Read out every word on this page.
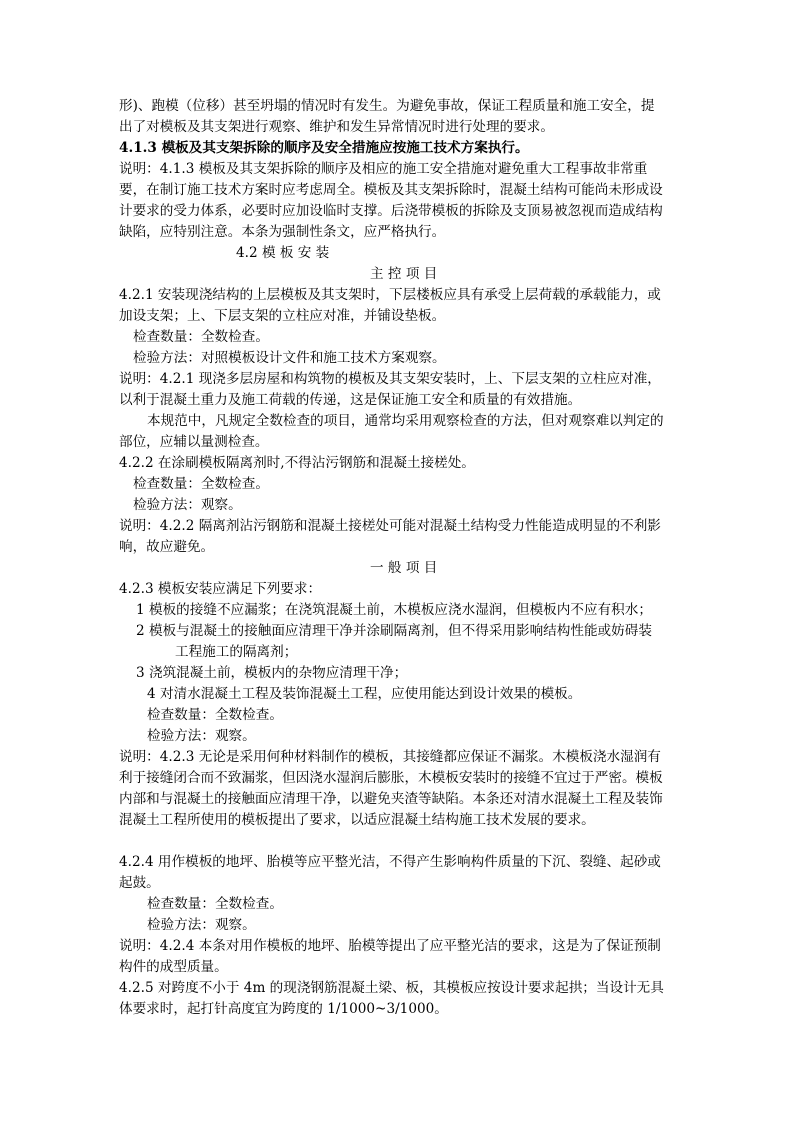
形)、跑模（位移）甚至坍塌的情况时有发生。为避免事故，保证工程质量和施工安全，提
出了对模板及其支架进行观察、维护和发生异常情况时进行处理的要求。
4.1.3 模板及其支架拆除的顺序及安全措施应按施工技术方案执行。
说明：4.1.3 模板及其支架拆除的顺序及相应的施工安全措施对避免重大工程事故非常重
要，在制订施工技术方案时应考虑周全。模板及其支架拆除时，混凝土结构可能尚未形成设
计要求的受力体系，必要时应加设临时支撑。后浇带模板的拆除及支顶易被忽视而造成结构
缺陷，应特别注意。本条为强制性条文，应严格执行。
4.2 模 板 安 装
主 控 项 目
4.2.1 安装现浇结构的上层模板及其支架时，下层楼板应具有承受上层荷载的承载能力，或
加设支架；上、下层支架的立柱应对准，并铺设垫板。
检查数量：全数检查。
检验方法：对照模板设计文件和施工技术方案观察。
说明：4.2.1 现浇多层房屋和构筑物的模板及其支架安装时，上、下层支架的立柱应对准，
以利于混凝土重力及施工荷载的传递，这是保证施工安全和质量的有效措施。
本规范中，凡规定全数检查的项目，通常均采用观察检查的方法，但对观察难以判定的
部位，应辅以量测检查。
4.2.2 在涂刷模板隔离剂时,不得沾污钢筋和混凝土接槎处。
检查数量：全数检查。
检验方法：观察。
说明：4.2.2 隔离剂沾污钢筋和混凝土接槎处可能对混凝土结构受力性能造成明显的不利影
响，故应避免。
一 般 项 目
4.2.3 模板安装应满足下列要求：
1 模板的接缝不应漏浆；在浇筑混凝土前，木模板应浇水湿润，但模板内不应有积水；
2 模板与混凝土的接触面应清理干净并涂刷隔离剂，但不得采用影响结构性能或妨碍装
工程施工的隔离剂；
3 浇筑混凝土前，模板内的杂物应清理干净；
4 对清水混凝土工程及装饰混凝土工程，应使用能达到设计效果的模板。
检查数量：全数检查。
检验方法：观察。
说明：4.2.3 无论是采用何种材料制作的模板，其接缝都应保证不漏浆。木模板浇水湿润有
利于接缝闭合而不致漏浆，但因浇水湿润后膨胀，木模板安装时的接缝不宜过于严密。模板
内部和与混凝土的接触面应清理干净，以避免夹渣等缺陷。本条还对清水混凝土工程及装饰
混凝土工程所使用的模板提出了要求，以适应混凝土结构施工技术发展的要求。
4.2.4 用作模板的地坪、胎模等应平整光洁，不得产生影响构件质量的下沉、裂缝、起砂或
起鼓。
检查数量：全数检查。
检验方法：观察。
说明：4.2.4 本条对用作模板的地坪、胎模等提出了应平整光洁的要求，这是为了保证预制
构件的成型质量。
4.2.5 对跨度不小于 4m 的现浇钢筋混凝土梁、板，其模板应按设计要求起拱；当设计无具
体要求时，起打针高度宜为跨度的 1/1000~3/1000。
